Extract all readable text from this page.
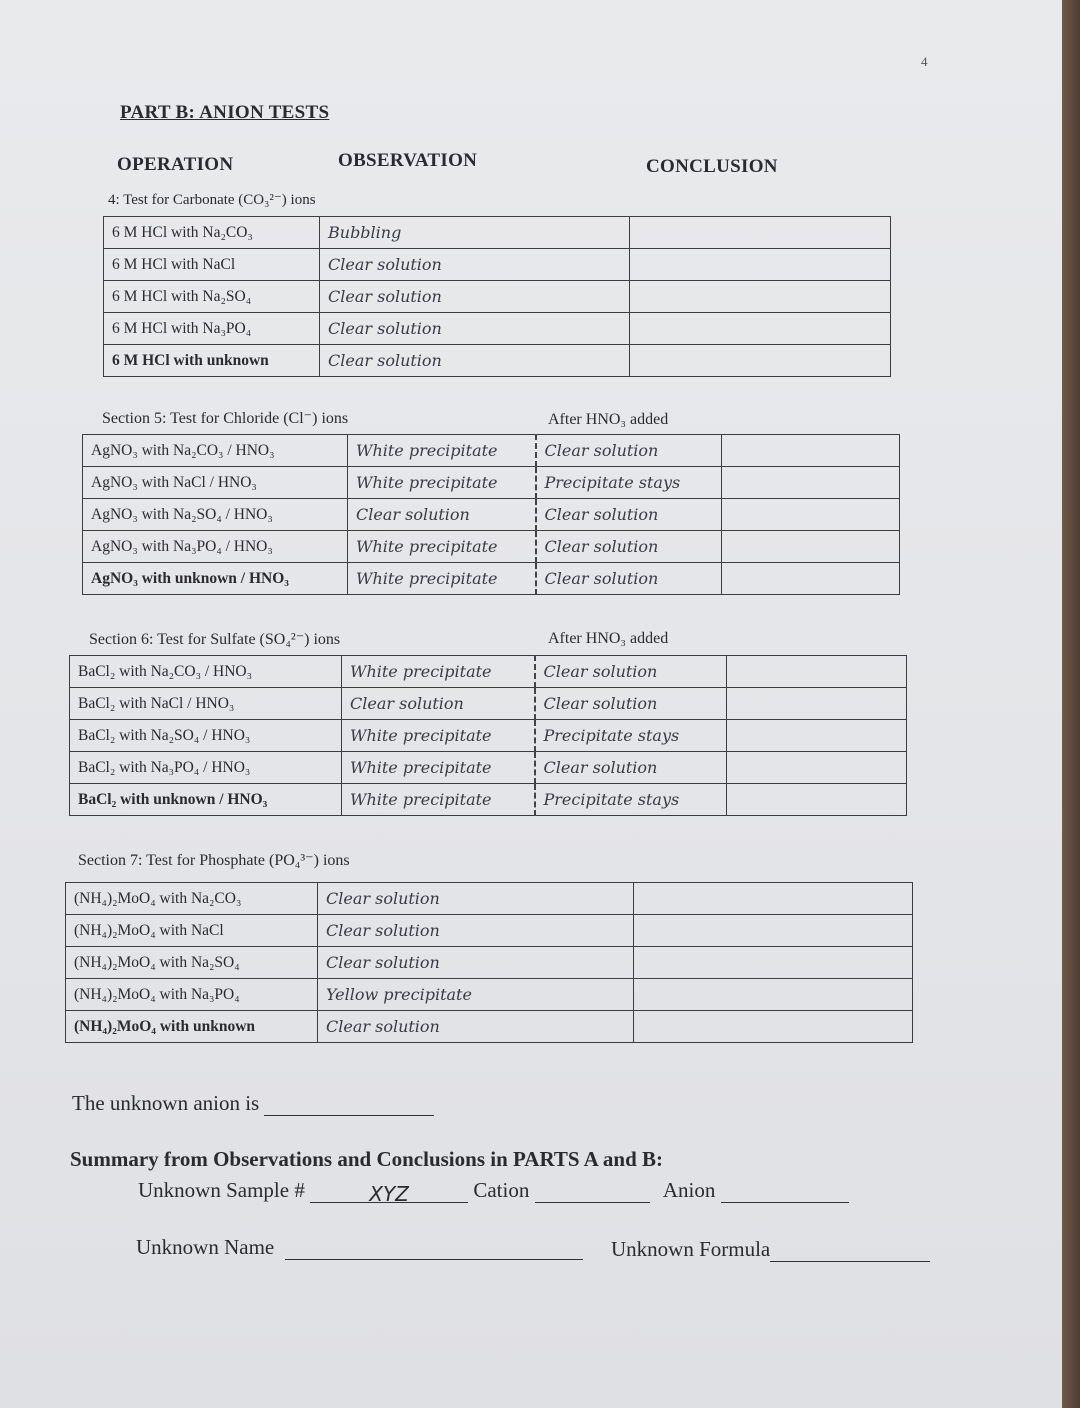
4
PART B: ANION TESTS
OPERATION	OBSERVATION	CONCLUSION
4: Test for Carbonate (CO₃²⁻) ions
6 M HCl with Na₂CO₃	Bubbling	
6 M HCl with NaCl	Clear solution	
6 M HCl with Na₂SO₄	Clear solution	
6 M HCl with Na₃PO₄	Clear solution	
6 M HCl with unknown	Clear solution	
Section 5: Test for Chloride (Cl⁻) ions	After HNO₃ added
AgNO₃ with Na₂CO₃ / HNO₃	White precipitate	Clear solution	
AgNO₃ with NaCl / HNO₃	White precipitate	Precipitate stays	
AgNO₃ with Na₂SO₄ / HNO₃	Clear solution	Clear solution	
AgNO₃ with Na₃PO₄ / HNO₃	White precipitate	Clear solution	
AgNO₃ with unknown / HNO₃	White precipitate	Clear solution	
Section 6: Test for Sulfate (SO₄²⁻) ions	After HNO₃ added
BaCl₂ with Na₂CO₃ / HNO₃	White precipitate	Clear solution	
BaCl₂ with NaCl / HNO₃	Clear solution	Clear solution	
BaCl₂ with Na₂SO₄ / HNO₃	White precipitate	Precipitate stays	
BaCl₂ with Na₃PO₄ / HNO₃	White precipitate	Clear solution	
BaCl₂ with unknown / HNO₃	White precipitate	Precipitate stays	
Section 7: Test for Phosphate (PO₄³⁻) ions
(NH₄)₂MoO₄ with Na₂CO₃	Clear solution	
(NH₄)₂MoO₄ with NaCl	Clear solution	
(NH₄)₂MoO₄ with Na₂SO₄	Clear solution	
(NH₄)₂MoO₄ with Na₃PO₄	Yellow precipitate	
(NH₄)₂MoO₄ with unknown	Clear solution	
The unknown anion is
Summary from Observations and Conclusions in PARTS A and B:
Unknown Sample #	XYZ	Cation	Anion
Unknown Name	Unknown Formula
